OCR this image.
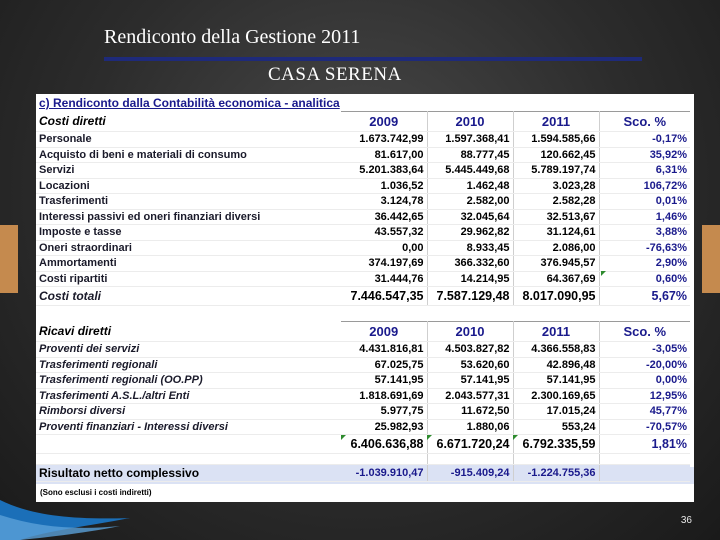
Rendiconto della Gestione 2011
CASA SERENA
c) Rendiconto dalla Contabilità economica - analitica
Costi diretti	2009	2010	2011	Sco. %
Personale	1.673.742,99	1.597.368,41	1.594.585,66	-0,17%
Acquisto di beni e materiali di consumo	81.617,00	88.777,45	120.662,45	35,92%
Servizi	5.201.383,64	5.445.449,68	5.789.197,74	6,31%
Locazioni	1.036,52	1.462,48	3.023,28	106,72%
Trasferimenti	3.124,78	2.582,00	2.582,28	0,01%
Interessi passivi ed oneri finanziari diversi	36.442,65	32.045,64	32.513,67	1,46%
Imposte e tasse	43.557,32	29.962,82	31.124,61	3,88%
Oneri straordinari	0,00	8.933,45	2.086,00	-76,63%
Ammortamenti	374.197,69	366.332,60	376.945,57	2,90%
Costi ripartiti	31.444,76	14.214,95	64.367,69	0,60%
Costi totali	7.446.547,35	7.587.129,48	8.017.090,95	5,67%
Ricavi diretti	2009	2010	2011	Sco. %
Proventi dei servizi	4.431.816,81	4.503.827,82	4.366.558,83	-3,05%
Trasferimenti regionali	67.025,75	53.620,60	42.896,48	-20,00%
Trasferimenti regionali (OO.PP)	57.141,95	57.141,95	57.141,95	0,00%
Trasferimenti A.S.L./altri Enti	1.818.691,69	2.043.577,31	2.300.169,65	12,95%
Rimborsi diversi	5.977,75	11.672,50	17.015,24	45,77%
Proventi finanziari - Interessi diversi	25.982,93	1.880,06	553,24	-70,57%
	6.406.636,88	6.671.720,24	6.792.335,59	1,81%

Risultato netto complessivo	-1.039.910,47	-915.409,24	-1.224.755,36	
(Sono esclusi i costi indiretti)
36
